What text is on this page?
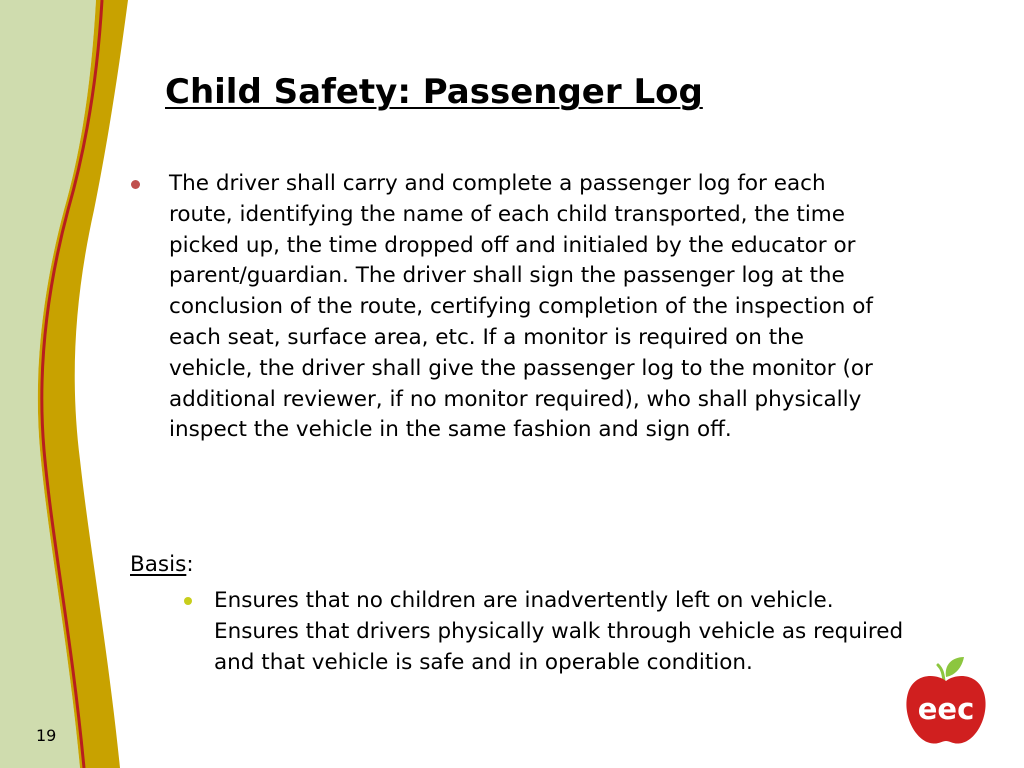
Child Safety: Passenger Log

The driver shall carry and complete a passenger log for each route, identifying the name of each child transported, the time picked up, the time dropped off and initialed by the educator or parent/guardian. The driver shall sign the passenger log at the conclusion of the route, certifying completion of the inspection of each seat, surface area, etc. If a monitor is required on the vehicle, the driver shall give the passenger log to the monitor (or additional reviewer, if no monitor required), who shall physically inspect the vehicle in the same fashion and sign off.

Basis:

Ensures that no children are inadvertently left on vehicle. Ensures that drivers physically walk through vehicle as required and that vehicle is safe and in operable condition.

19

eec
